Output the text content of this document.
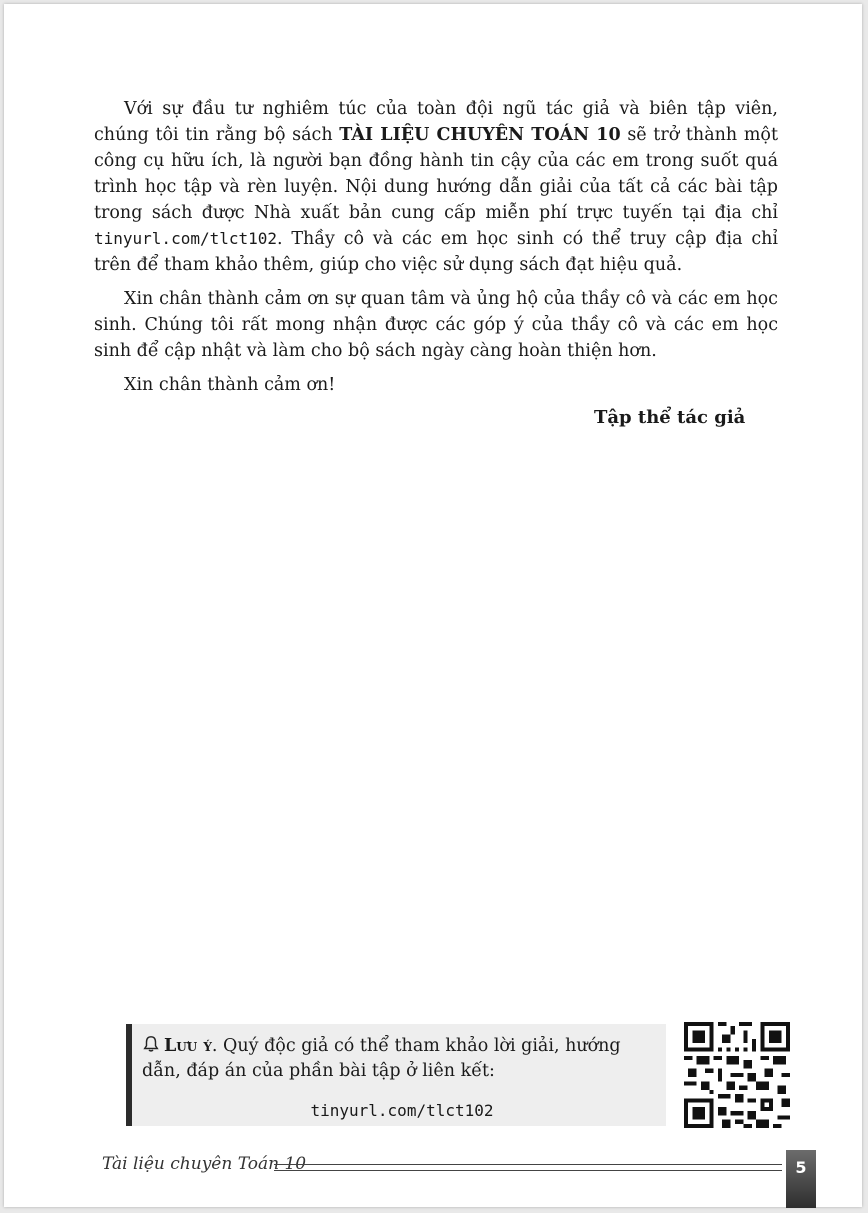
Với sự đầu tư nghiêm túc của toàn đội ngũ tác giả và biên tập viên, chúng tôi tin rằng bộ sách TÀI LIỆU CHUYÊN TOÁN 10 sẽ trở thành một công cụ hữu ích, là người bạn đồng hành tin cậy của các em trong suốt quá trình học tập và rèn luyện. Nội dung hướng dẫn giải của tất cả các bài tập trong sách được Nhà xuất bản cung cấp miễn phí trực tuyến tại địa chỉ tinyurl.com/tlct102. Thầy cô và các em học sinh có thể truy cập địa chỉ trên để tham khảo thêm, giúp cho việc sử dụng sách đạt hiệu quả.

Xin chân thành cảm ơn sự quan tâm và ủng hộ của thầy cô và các em học sinh. Chúng tôi rất mong nhận được các góp ý của thầy cô và các em học sinh để cập nhật và làm cho bộ sách ngày càng hoàn thiện hơn.

Xin chân thành cảm ơn!

Tập thể tác giả
Lưu ý. Quý độc giả có thể tham khảo lời giải, hướng dẫn, đáp án của phần bài tập ở liên kết:
tinyurl.com/tlct102
Tài liệu chuyên Toán 10	5
